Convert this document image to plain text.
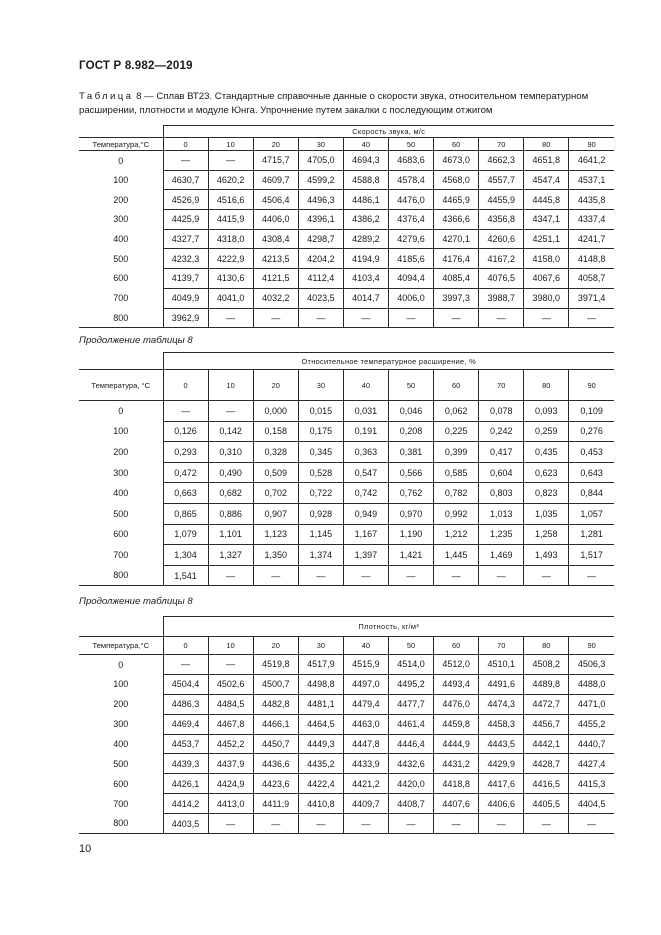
ГОСТ Р 8.982—2019
Таблица 8 — Сплав ВТ23. Стандартные справочные данные о скорости звука, относительном температурном расширении, плотности и модуле Юнга. Упрочнение путем закалки с последующим отжигом
	Скорость звука, м/с									
Температура,°С	0	10	20	30	40	50	60	70	80	90
0	—	—	4715,7	4705,0	4694,3	4683,6	4673,0	4662,3	4651,8	4641,2
100	4630,7	4620,2	4609,7	4599,2	4588,8	4578,4	4568,0	4557,7	4547,4	4537,1
200	4526,9	4516,6	4506,4	4496,3	4486,1	4476,0	4465,9	4455,9	4445,8	4435,8
300	4425,9	4415,9	4406,0	4396,1	4386,2	4376,4	4366,6	4356,8	4347,1	4337,4
400	4327,7	4318,0	4308,4	4298,7	4289,2	4279,6	4270,1	4260,6	4251,1	4241,7
500	4232,3	4222,9	4213,5	4204,2	4194,9	4185,6	4176,4	4167,2	4158,0	4148,8
600	4139,7	4130,6	4121,5	4112,4	4103,4	4094,4	4085,4	4076,5	4067,6	4058,7
700	4049,9	4041,0	4032,2	4023,5	4014,7	4006,0	3997,3	3988,7	3980,0	3971,4
800	3962,9	—	—	—	—	—	—	—	—	—
Продолжение таблицы 8
	Относительное температурное расширение, %									
Температура, °С	0	10	20	30	40	50	60	70	80	90
0	—	—	0,000	0,015	0,031	0,046	0,062	0,078	0,093	0,109
100	0,126	0,142	0,158	0,175	0,191	0,208	0,225	0,242	0,259	0,276
200	0,293	0,310	0,328	0,345	0,363	0,381	0,399	0,417	0,435	0,453
300	0,472	0,490	0,509	0,528	0,547	0,566	0,585	0,604	0,623	0,643
400	0,663	0,682	0,702	0,722	0,742	0,762	0,782	0,803	0,823	0,844
500	0,865	0,886	0,907	0,928	0,949	0,970	0,992	1,013	1,035	1,057
600	1,079	1,101	1,123	1,145	1,167	1,190	1,212	1,235	1,258	1,281
700	1,304	1,327	1,350	1,374	1,397	1,421	1,445	1,469	1,493	1,517
800	1,541	—	—	—	—	—	—	—	—	—
Продолжение таблицы 8
	Плотность, кг/м³									
Температура,°С	0	10	20	30	40	50	60	70	80	90
0	—	—	4519,8	4517,9	4515,9	4514,0	4512,0	4510,1	4508,2	4506,3
100	4504,4	4502,6	4500,7	4498,8	4497,0	4495,2	4493,4	4491,6	4489,8	4488,0
200	4486,3	4484,5	4482,8	4481,1	4479,4	4477,7	4476,0	4474,3	4472,7	4471,0
300	4469,4	4467,8	4466,1	4464,5	4463,0	4461,4	4459,8	4458,3	4456,7	4455,2
400	4453,7	4452,2	4450,7	4449,3	4447,8	4446,4	4444,9	4443,5	4442,1	4440,7
500	4439,3	4437,9	4436,6	4435,2	4433,9	4432,6	4431,2	4429,9	4428,7	4427,4
600	4426,1	4424,9	4423,6	4422,4	4421,2	4420,0	4418,8	4417,6	4416,5	4415,3
700	4414,2	4413,0	4411,9	4410,8	4409,7	4408,7	4407,6	4406,6	4405,5	4404,5
800	4403,5	—	—	—	—	—	—	—	—	—
10
